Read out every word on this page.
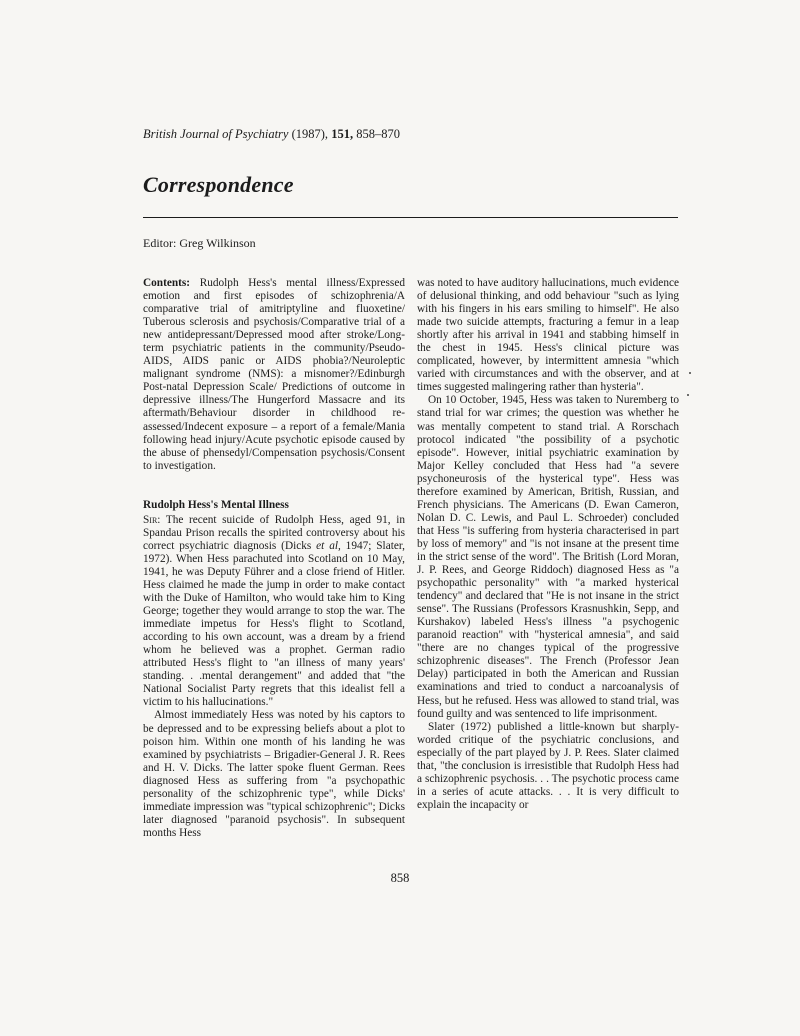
British Journal of Psychiatry (1987), 151, 858–870
Correspondence
Editor: Greg Wilkinson

Contents: Rudolph Hess's mental illness/Expressed emotion and first episodes of schizophrenia/A comparative trial of amitriptyline and fluoxetine/ Tuberous sclerosis and psychosis/Comparative trial of a new antidepressant/Depressed mood after stroke/Long-term psychiatric patients in the community/Pseudo-AIDS, AIDS panic or AIDS phobia?/Neuroleptic malignant syndrome (NMS): a misnomer?/Edinburgh Post-natal Depression Scale/ Predictions of outcome in depressive illness/The Hungerford Massacre and its aftermath/Behaviour disorder in childhood re-assessed/Indecent exposure – a report of a female/Mania following head injury/Acute psychotic episode caused by the abuse of phensedyl/Compensation psychosis/Consent to investigation.

Rudolph Hess's Mental Illness

Sir: The recent suicide of Rudolph Hess, aged 91, in Spandau Prison recalls the spirited controversy about his correct psychiatric diagnosis (Dicks et al, 1947; Slater, 1972). When Hess parachuted into Scotland on 10 May, 1941, he was Deputy Führer and a close friend of Hitler. Hess claimed he made the jump in order to make contact with the Duke of Hamilton, who would take him to King George; together they would arrange to stop the war. The immediate impetus for Hess's flight to Scotland, according to his own account, was a dream by a friend whom he believed was a prophet. German radio attributed Hess's flight to "an illness of many years' standing. . .mental derangement" and added that "the National Socialist Party regrets that this idealist fell a victim to his hallucinations."

Almost immediately Hess was noted by his captors to be depressed and to be expressing beliefs about a plot to poison him. Within one month of his landing he was examined by psychiatrists – Brigadier-General J. R. Rees and H. V. Dicks. The latter spoke fluent German. Rees diagnosed Hess as suffering from "a psychopathic personality of the schizophrenic type", while Dicks' immediate impression was "typical schizophrenic"; Dicks later diagnosed "paranoid psychosis". In subsequent months Hess

was noted to have auditory hallucinations, much evidence of delusional thinking, and odd behaviour "such as lying with his fingers in his ears smiling to himself". He also made two suicide attempts, fracturing a femur in a leap shortly after his arrival in 1941 and stabbing himself in the chest in 1945. Hess's clinical picture was complicated, however, by intermittent amnesia "which varied with circumstances and with the observer, and at times suggested malingering rather than hysteria".

On 10 October, 1945, Hess was taken to Nuremberg to stand trial for war crimes; the question was whether he was mentally competent to stand trial. A Rorschach protocol indicated "the possibility of a psychotic episode". However, initial psychiatric examination by Major Kelley concluded that Hess had "a severe psychoneurosis of the hysterical type". Hess was therefore examined by American, British, Russian, and French physicians. The Americans (D. Ewan Cameron, Nolan D. C. Lewis, and Paul L. Schroeder) concluded that Hess "is suffering from hysteria characterised in part by loss of memory" and "is not insane at the present time in the strict sense of the word". The British (Lord Moran, J. P. Rees, and George Riddoch) diagnosed Hess as "a psychopathic personality" with "a marked hysterical tendency" and declared that "He is not insane in the strict sense". The Russians (Professors Krasnushkin, Sepp, and Kurshakov) labeled Hess's illness "a psychogenic paranoid reaction" with "hysterical amnesia", and said "there are no changes typical of the progressive schizophrenic diseases". The French (Professor Jean Delay) participated in both the American and Russian examinations and tried to conduct a narcoanalysis of Hess, but he refused. Hess was allowed to stand trial, was found guilty and was sentenced to life imprisonment.

Slater (1972) published a little-known but sharply-worded critique of the psychiatric conclusions, and especially of the part played by J. P. Rees. Slater claimed that, "the conclusion is irresistible that Rudolph Hess had a schizophrenic psychosis. . . The psychotic process came in a series of acute attacks. . . It is very difficult to explain the incapacity or

858
